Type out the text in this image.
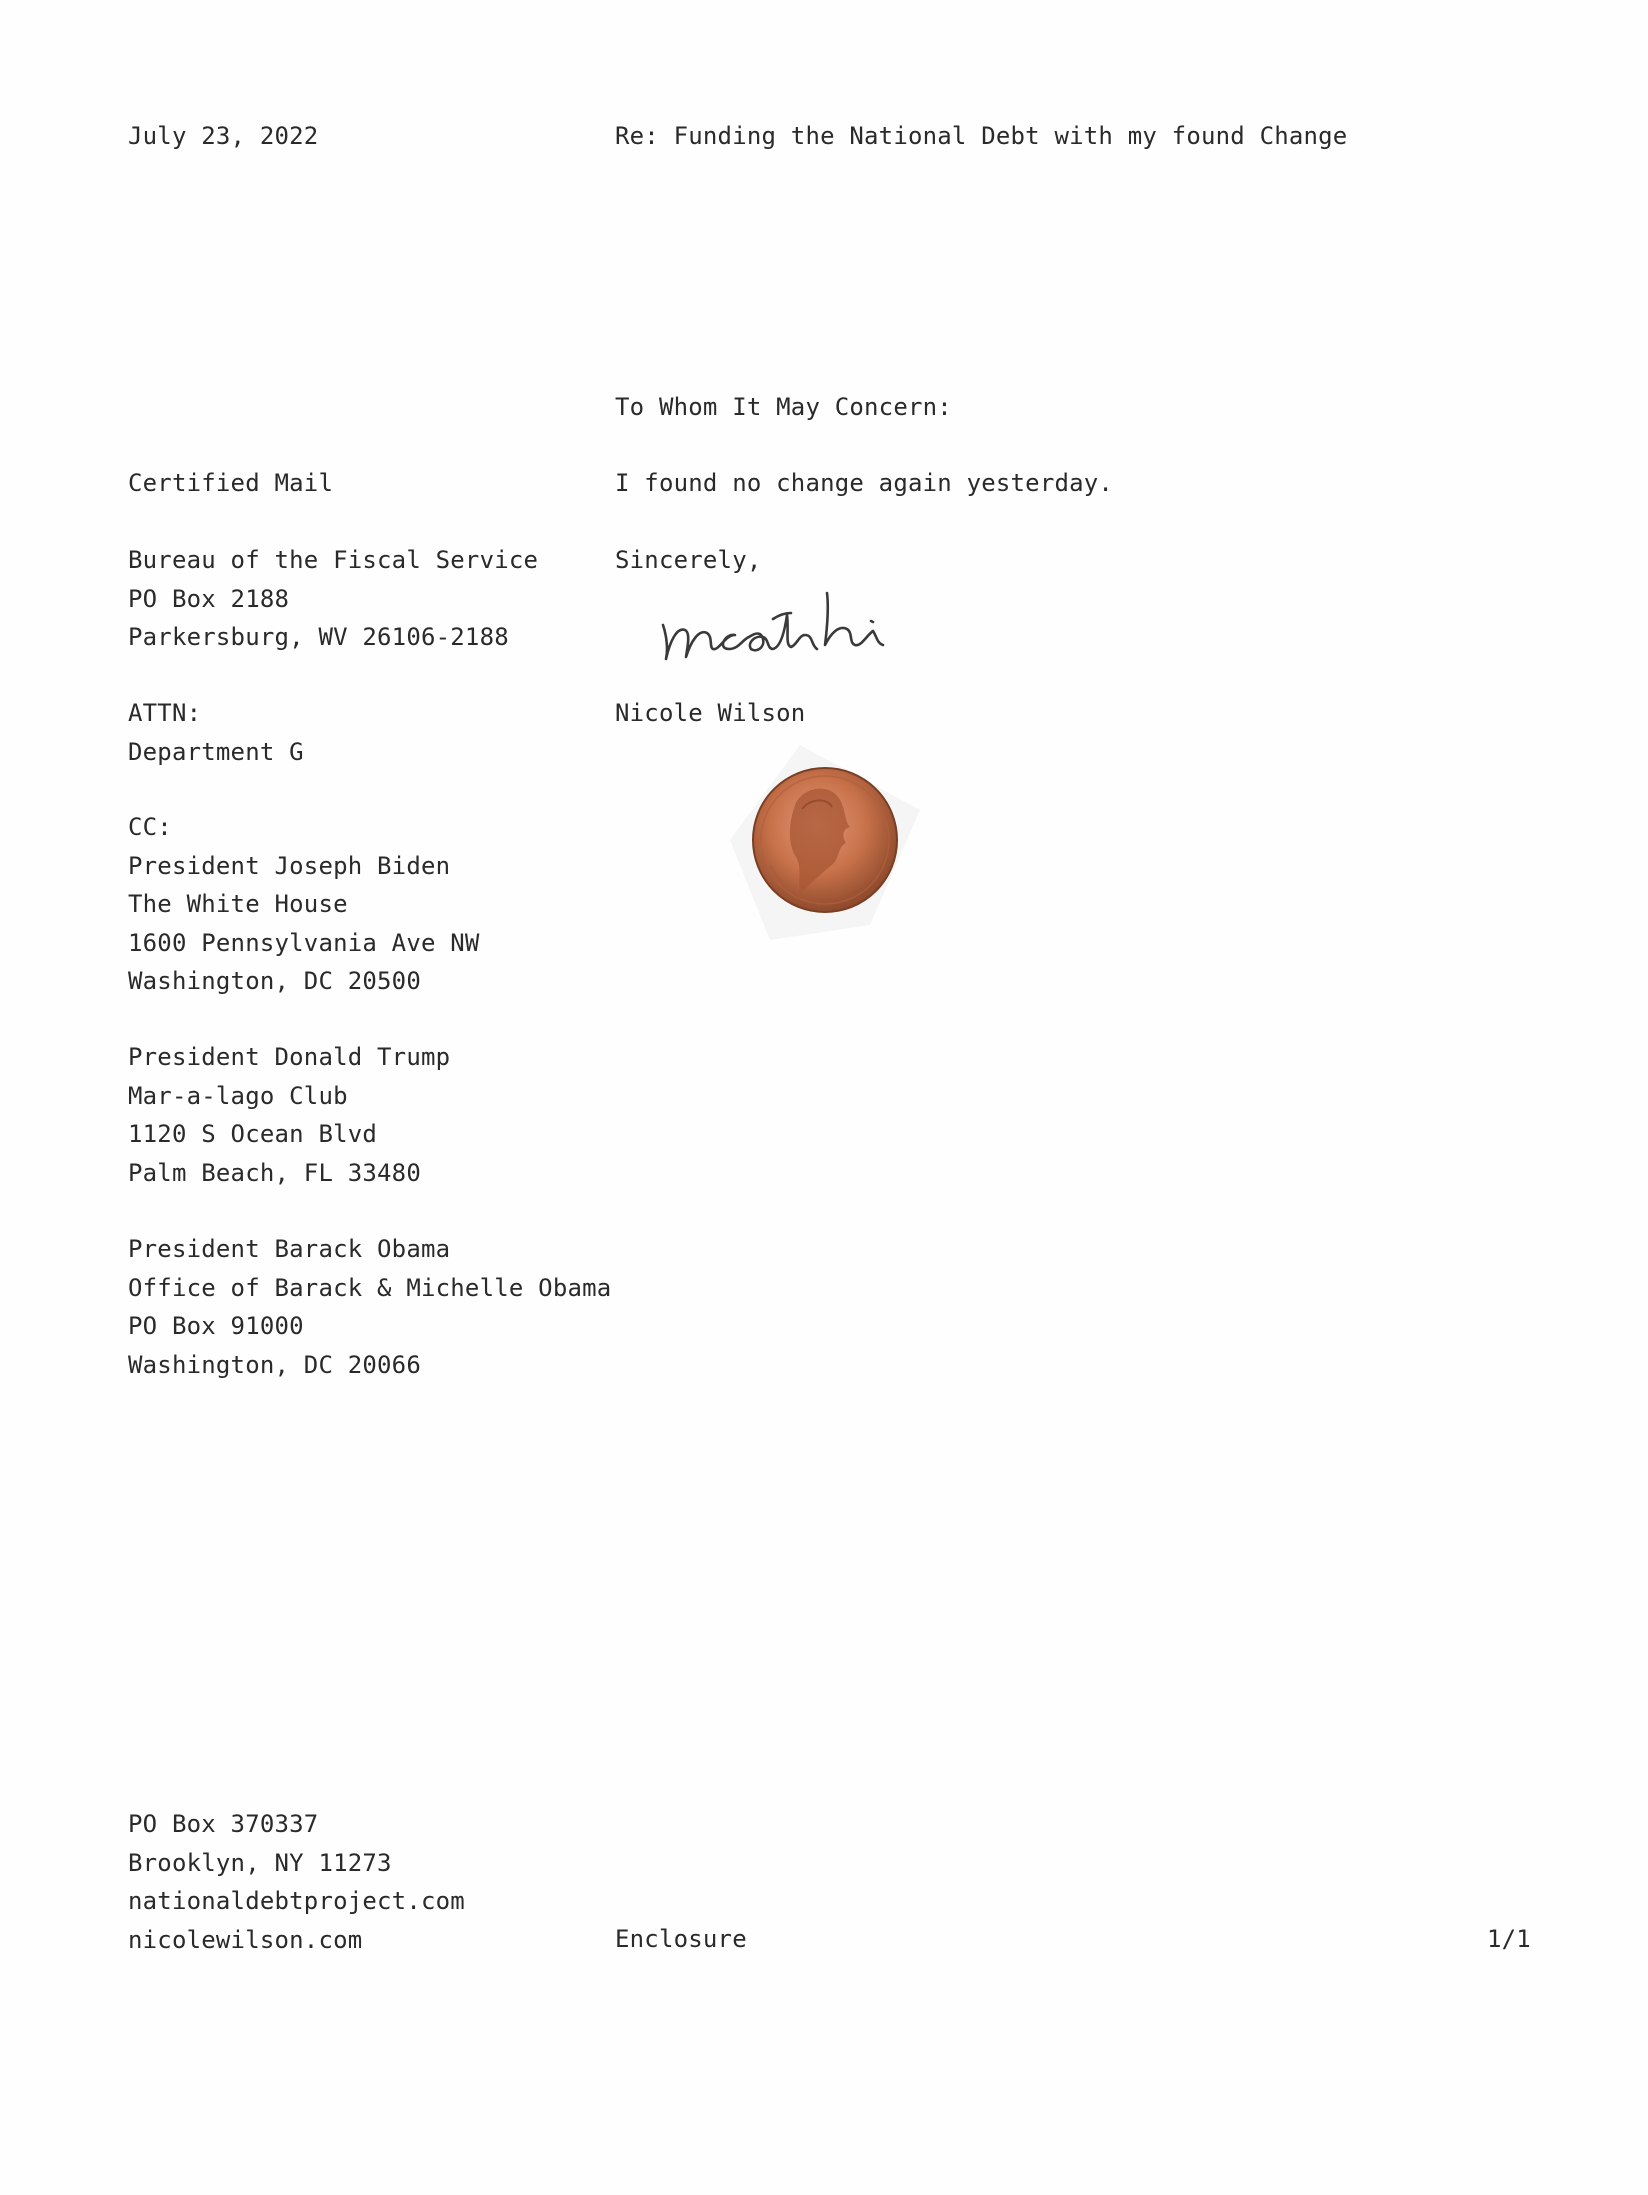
July 23, 2022	Re: Funding the National Debt with my found Change
To Whom It May Concern:
I found no change again yesterday.
Sincerely,
Nicole Wilson
Certified Mail
Bureau of the Fiscal Service
PO Box 2188
Parkersburg, WV 26106-2188
ATTN:
Department G
CC:
President Joseph Biden
The White House
1600 Pennsylvania Ave NW
Washington, DC 20500
President Donald Trump
Mar-a-lago Club
1120 S Ocean Blvd
Palm Beach, FL 33480
President Barack Obama
Office of Barack & Michelle Obama
PO Box 91000
Washington, DC 20066
PO Box 370337
Brooklyn, NY 11273
nationaldebtproject.com
nicolewilson.com	Enclosure	1/1
